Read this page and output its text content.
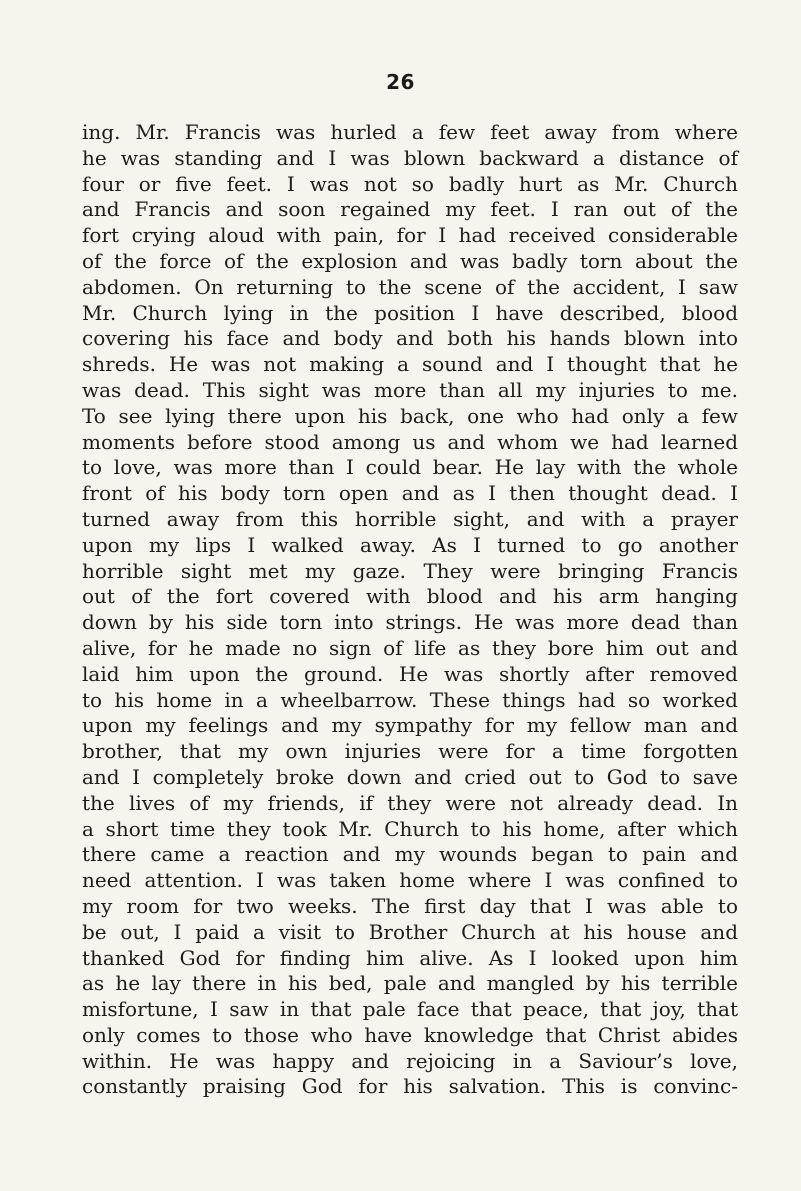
26
ing. Mr. Francis was hurled a few feet away from where
he was standing and I was blown backward a distance of
four or five feet. I was not so badly hurt as Mr. Church
and Francis and soon regained my feet. I ran out of the
fort crying aloud with pain, for I had received considerable
of the force of the explosion and was badly torn about the
abdomen. On returning to the scene of the accident, I saw
Mr. Church lying in the position I have described, blood
covering his face and body and both his hands blown into
shreds. He was not making a sound and I thought that he
was dead. This sight was more than all my injuries to me.
To see lying there upon his back, one who had only a few
moments before stood among us and whom we had learned
to love, was more than I could bear. He lay with the whole
front of his body torn open and as I then thought dead. I
turned away from this horrible sight, and with a prayer
upon my lips I walked away. As I turned to go another
horrible sight met my gaze. They were bringing Francis
out of the fort covered with blood and his arm hanging
down by his side torn into strings. He was more dead than
alive, for he made no sign of life as they bore him out and
laid him upon the ground. He was shortly after removed
to his home in a wheelbarrow. These things had so worked
upon my feelings and my sympathy for my fellow man and
brother, that my own injuries were for a time forgotten
and I completely broke down and cried out to God to save
the lives of my friends, if they were not already dead. In
a short time they took Mr. Church to his home, after which
there came a reaction and my wounds began to pain and
need attention. I was taken home where I was confined to
my room for two weeks. The first day that I was able to
be out, I paid a visit to Brother Church at his house and
thanked God for finding him alive. As I looked upon him
as he lay there in his bed, pale and mangled by his terrible
misfortune, I saw in that pale face that peace, that joy, that
only comes to those who have knowledge that Christ abides
within. He was happy and rejoicing in a Saviour’s love,
constantly praising God for his salvation. This is convinc-
